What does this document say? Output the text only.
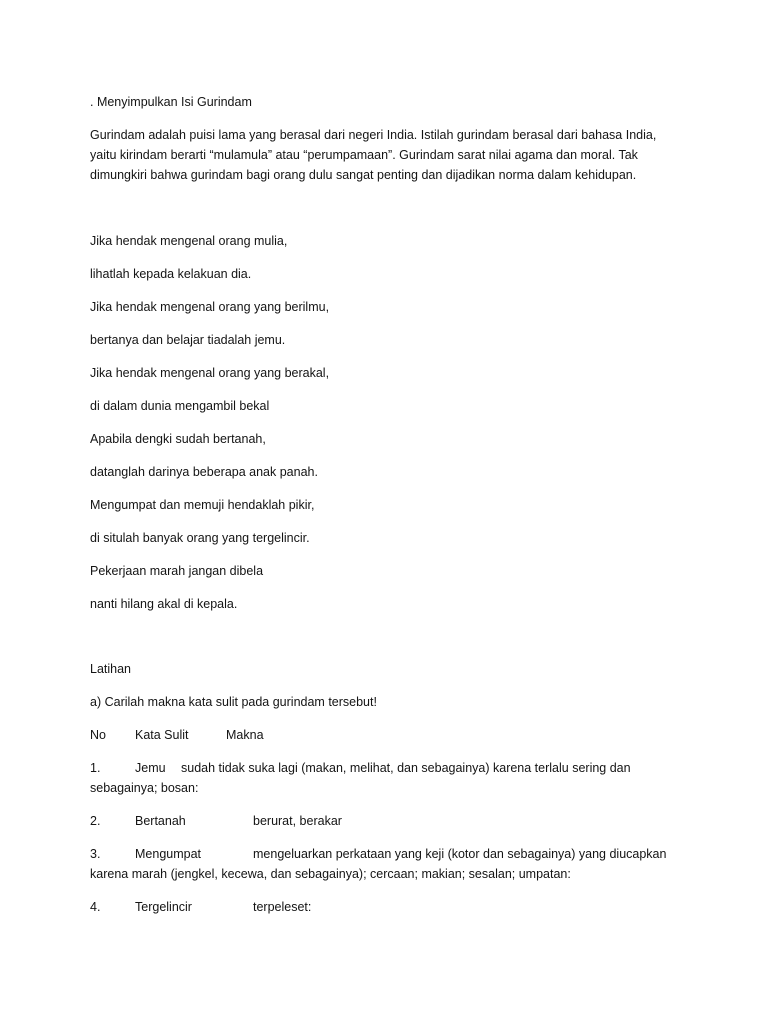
. Menyimpulkan Isi Gurindam
Gurindam adalah puisi lama yang berasal dari negeri India. Istilah gurindam berasal dari bahasa India,
yaitu kirindam berarti “mulamula” atau “perumpamaan”. Gurindam sarat nilai agama dan moral. Tak
dimungkiri bahwa gurindam bagi orang dulu sangat penting dan dijadikan norma dalam kehidupan.
Jika hendak mengenal orang mulia,
lihatlah kepada kelakuan dia.
Jika hendak mengenal orang yang berilmu,
bertanya dan belajar tiadalah jemu.
Jika hendak mengenal orang yang berakal,
di dalam dunia mengambil bekal
Apabila dengki sudah bertanah,
datanglah darinya beberapa anak panah.
Mengumpat dan memuji hendaklah pikir,
di situlah banyak orang yang tergelincir.
Pekerjaan marah jangan dibela
nanti hilang akal di kepala.
Latihan
a) Carilah makna kata sulit pada gurindam tersebut!
No Kata Sulit	Makna
1.	Jemu sudah tidak suka lagi (makan, melihat, dan sebagainya) karena terlalu sering dan
sebagainya; bosan:
2.	Bertanah	berurat, berakar
3.	Mengumpat	mengeluarkan perkataan yang keji (kotor dan sebagainya) yang diucapkan
karena marah (jengkel, kecewa, dan sebagainya); cercaan; makian; sesalan; umpatan:
4.	Tergelincir	terpeleset:
